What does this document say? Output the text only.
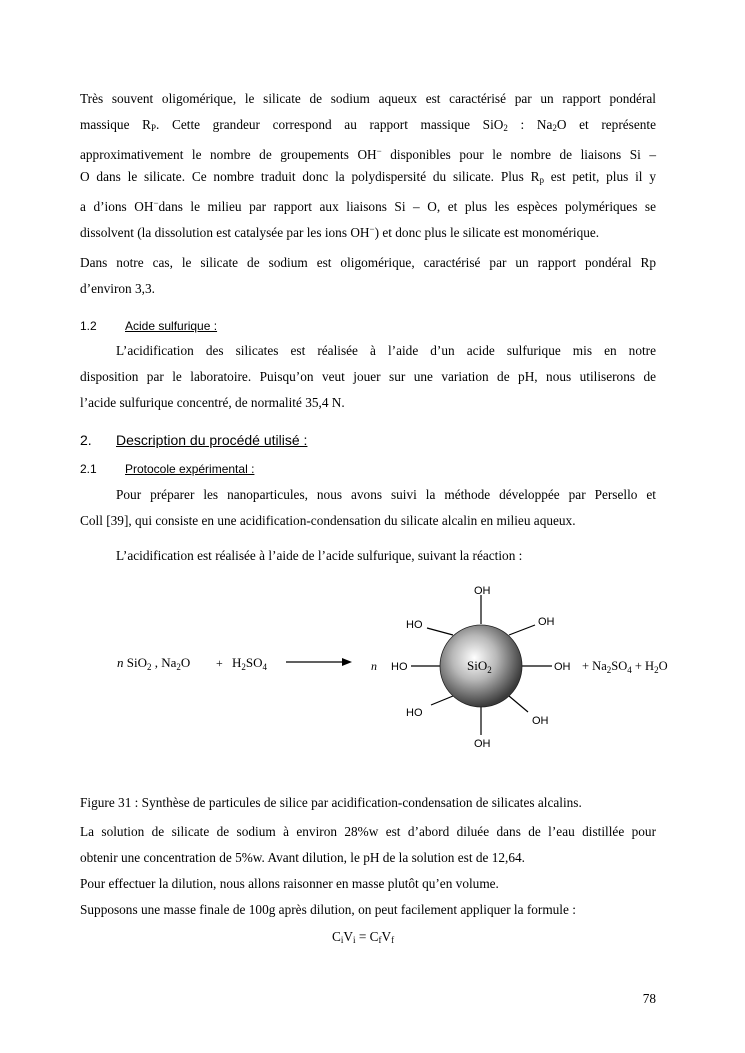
Très souvent oligomérique, le silicate de sodium aqueux est caractérisé par un rapport pondéral
massique $R_P$. Cette grandeur correspond au rapport massique SiO$_2$ : $Na_2O$ et représente
approximativement le nombre de groupements OH− disponibles pour le nombre de liaisons Si –
O dans le silicate. Ce nombre traduit donc la polydispersité du silicate. Plus $R_p$ est petit, plus il y
a d’ions OH−dans le milieu par rapport aux liaisons Si – O, et plus les espèces polymériques se
dissolvent (la dissolution est catalysée par les ions OH−) et donc plus le silicate est monomérique.
Dans notre cas, le silicate de sodium est oligomérique, caractérisé par un rapport pondéral Rp
d’environ 3,3.
1.2 Acide sulfurique :
L’acidification des silicates est réalisée à l’aide d’un acide sulfurique mis en notre
disposition par le laboratoire. Puisqu’on veut jouer sur une variation de pH, nous utiliserons de
l’acide sulfurique concentré, de normalité 35,4 N.
2. Description du procédé utilisé :
2.1 Protocole expérimental :
Pour préparer les nanoparticules, nous avons suivi la méthode développée par Persello et
Coll [39], qui consiste en une acidification-condensation du silicate alcalin en milieu aqueux.
L’acidification est réalisée à l’aide de l’acide sulfurique, suivant la réaction :
n SiO$_2$ , $Na_2O + H_2SO_4$	n	SiO$_2$
OH
HO	OH
HO	OH
HO
OH
OH
+ $Na_2SO_4 + H_2O$
Figure 31 : Synthèse de particules de silice par acidification-condensation de silicates alcalins.
La solution de silicate de sodium à environ 28%w est d’abord diluée dans de l’eau distillée pour
obtenir une concentration de 5%w. Avant dilution, le pH de la solution est de 12,64.
Pour effectuer la dilution, nous allons raisonner en masse plutôt qu’en volume.
Supposons une masse finale de 100g après dilution, on peut facilement appliquer la formule :
$C_iV_i = C_fV_f$
78
